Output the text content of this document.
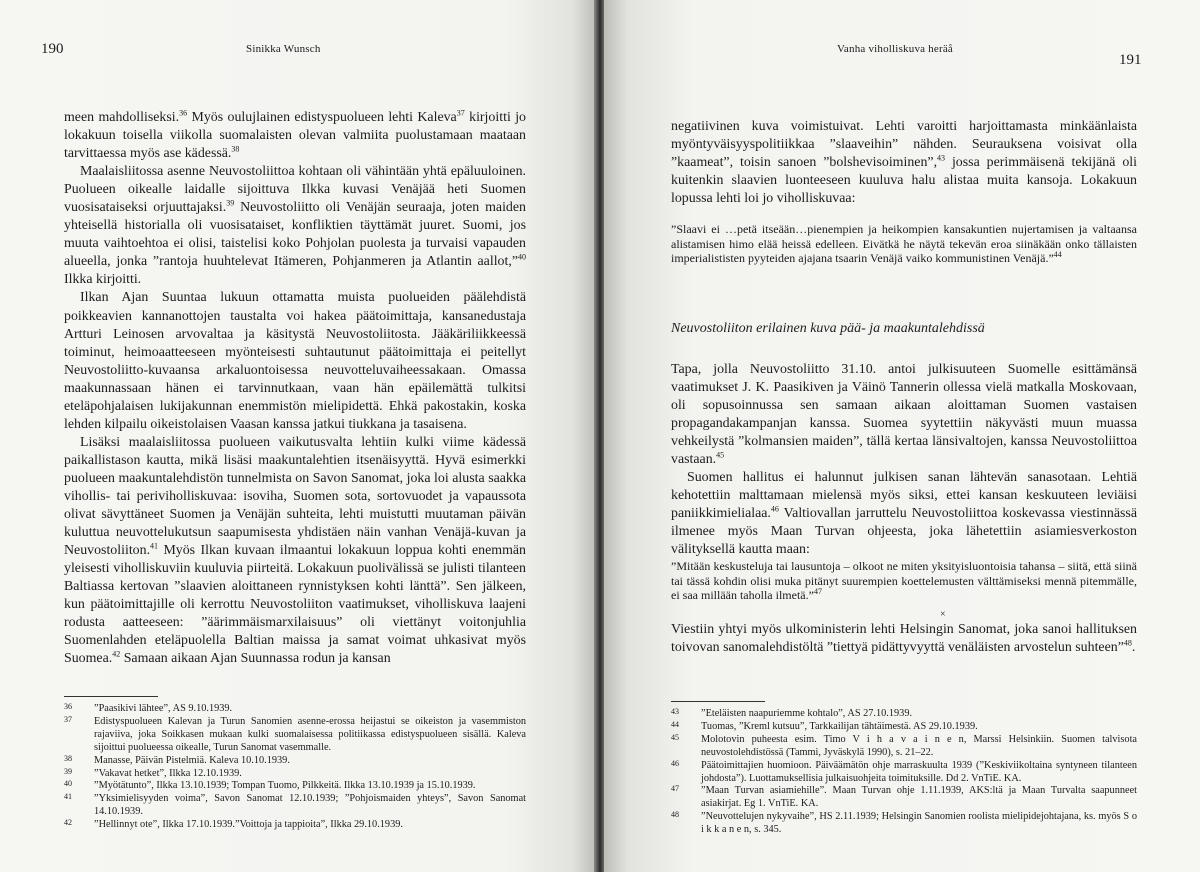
190	Sinikka Wunsch

meen mahdolliseksi.$^{36}$ Myös oulujlainen edistyspuolueen lehti Kaleva$^{37}$ kirjoitti jo lokakuun toisella viikolla suomalaisten olevan valmiita puolustamaan maataan tarvittaessa myös ase kädessä.$^{38}$

Maalaisliitossa asenne Neuvostoliittoa kohtaan oli vähintään yhtä epäluuloinen. Puolueen oikealle laidalle sijoittuva Ilkka kuvasi Venäjää heti Suomen vuosisataiseksi orjuuttajaksi.$^{39}$ Neuvostoliitto oli Venäjän seuraaja, joten maiden yhteisellä historialla oli vuosisataiset, konfliktien täyttämät juuret. Suomi, jos muuta vaihtoehtoa ei olisi, taistelisi koko Pohjolan puolesta ja turvaisi vapauden alueella, jonka ”rantoja huuhtelevat Itämeren, Pohjanmeren ja Atlantin aallot,”$^{40}$ Ilkka kirjoitti.

Ilkan Ajan Suuntaa lukuun ottamatta muista puolueiden päälehdistä poikkeavien kannanottojen taustalta voi hakea päätoimittaja, kansanedustaja Artturi Leinosen arvovaltaa ja käsitystä Neuvostoliitosta. Jääkäriliikkeessä toiminut, heimoaatteeseen myönteisesti suhtautunut päätoimittaja ei peitellyt Neuvostoliitto-kuvaansa arkaluontoisessa neuvotteluvaiheessakaan. Omassa maakunnassaan hänen ei tarvinnutkaan, vaan hän epäilemättä tulkitsi eteläpohjalaisen lukijakunnan enemmistön mielipidettä. Ehkä pakostakin, koska lehden kilpailu oikeistolaisen Vaasan kanssa jatkui tiukkana ja tasaisena.

Lisäksi maalaisliitossa puolueen vaikutusvalta lehtiin kulki viime kädessä paikallistason kautta, mikä lisäsi maakuntalehtien itsenäisyyttä. Hyvä esimerkki puolueen maakuntalehdistön tunnelmista on Savon Sanomat, joka loi alusta saakka vihollis- tai periviholliskuvaa: isoviha, Suomen sota, sortovuodet ja vapaussota olivat sävyttäneet Suomen ja Venäjän suhteita, lehti muistutti muutaman päivän kuluttua neuvottelukutsun saapumisesta yhdistäen näin vanhan Venäjä-kuvan ja Neuvostoliiton.$^{41}$ Myös Ilkan kuvaan ilmaantui lokakuun loppua kohti enemmän yleisesti viholliskuviin kuuluvia piirteitä. Lokakuun puolivälissä se julisti tilanteen Baltiassa kertovan ”slaavien aloittaneen rynnistyksen kohti länttä”. Sen jälkeen, kun päätoimittajille oli kerrottu Neuvostoliiton vaatimukset, viholliskuva laajeni rodusta aatteeseen: ”äärimmäismarxilaisuus” oli viettänyt voitonjuhlia Suomenlahden eteläpuolella Baltian maissa ja samat voimat uhkasivat myös Suomea.$^{42}$ Samaan aikaan Ajan Suunnassa rodun ja kansan

36 ”Paasikivi lähtee”, AS 9.10.1939.
37 Edistyspuolueen Kalevan ja Turun Sanomien asenne-erossa heijastui se oikeiston ja vasemmiston rajaviiva, joka Soikkasen mukaan kulki suomalaisessa politiikassa edistyspuolueen sisällä. Kaleva sijoittui puolueessa oikealle, Turun Sanomat vasemmalle.
38 Manasse, Päivän Pistelmiä. Kaleva 10.10.1939.
39 ”Vakavat hetket”, Ilkka 12.10.1939.
40 ”Myötätunto”, Ilkka 13.10.1939; Tompan Tuomo, Pilkkeitä. Ilkka 13.10.1939 ja 15.10.1939.
41 ”Yksimielisyyden voima”, Savon Sanomat 12.10.1939; ”Pohjoismaiden yhteys”, Savon Sanomat 14.10.1939.
42 ”Hellinnyt ote”, Ilkka 17.10.1939.”Voittoja ja tappioita”, Ilkka 29.10.1939.
Vanha viholliskuva heräå
191

negatiivinen kuva voimistuivat. Lehti varoitti harjoittamasta minkäänlaista myöntyväisyyspolitiikkaa ”slaaveihin” nähden. Seurauksena voisivat olla ”kaameat”, toisin sanoen ”bolshevisoiminen”,$^{43}$ jossa perimmäisenä tekijänä oli kuitenkin slaavien luonteeseen kuuluva halu alistaa muita kansoja. Lokakuun lopussa lehti loi jo viholliskuvaa:

”Slaavi ei …petä itseään…pienempien ja heikompien kansakuntien nujertamisen ja valtaansa alistamisen himo elää heissä edelleen. Eivätkä he näytä tekevän eroa siinäkään onko tällaisten imperialististen pyyteiden ajajana tsaarin Venäjä vaiko kommunistinen Venäjä.”$^{44}$
Neuvostoliiton erilainen kuva pää- ja maakuntalehdissä

Tapa, jolla Neuvostoliitto 31.10. antoi julkisuuteen Suomelle esittämänsä vaatimukset J. K. Paasikiven ja Väinö Tannerin ollessa vielä matkalla Moskovaan, oli sopusoinnussa sen samaan aikaan aloittaman Suomen vastaisen propagandakampanjan kanssa. Suomea syytettiin näkyvästi muun muassa vehkeilystä ”kolmansien maiden”, tällä kertaa länsivaltojen, kanssa Neuvostoliittoa vastaan.$^{45}$

Suomen hallitus ei halunnut julkisen sanan lähtevän sanasotaan. Lehtiä kehotettiin malttamaan mielensä myös siksi, ettei kansan keskuuteen leviäisi paniikkimielialaa.$^{46}$ Valtiovallan jarruttelu Neuvostoliittoa koskevassa viestinnässä ilmenee myös Maan Turvan ohjeesta, joka lähetettiin asiamiesverkoston välityksellä kautta maan:

”Mitään keskusteluja tai lausuntoja – olkoot ne miten yksityisluontoisia tahansa – siitä, että siinä tai tässä kohdin olisi muka pitänyt suurempien koettelemusten välttämiseksi mennä pitemmälle, ei saa millään taholla ilmetä.”$^{47}$
×

Viestiin yhtyi myös ulkoministerin lehti Helsingin Sanomat, joka sanoi hallituksen toivovan sanomalehdistöltä ”tiettyä pidättyvyyttä venäläisten arvostelun suhteen”$^{48}$.

43 ”Eteläisten naapuriemme kohtalo”, AS 27.10.1939.
44 Tuomas, ”Kreml kutsuu”, Tarkkailijan tähtäimestä. AS 29.10.1939.
45 Molotovin puheesta esim. Timo V i h a v a i n e n, Marssi Helsinkiin. Suomen talvisota neuvostolehdistössä (Tammi, Jyväskylä 1990), s. 21–22.
46 Päätoimittajien huomioon. Päiväämätön ohje marraskuulta 1939 (”Keskiviikoltaina syntyneen tilanteen johdosta”). Luottamuksellisia julkaisuohjeita toimituksille. Dd 2. VnTiE. KA.
47 ”Maan Turvan asiamiehille”. Maan Turvan ohje 1.11.1939, AKS:ltä ja Maan Turvalta saapunneet asiakirjat. Eg 1. VnTiE. KA.
48 ”Neuvottelujen nykyvaihe”, HS 2.11.1939; Helsingin Sanomien roolista mielipidejohtajana, ks. myös S o i k k a n e n, s. 345.
